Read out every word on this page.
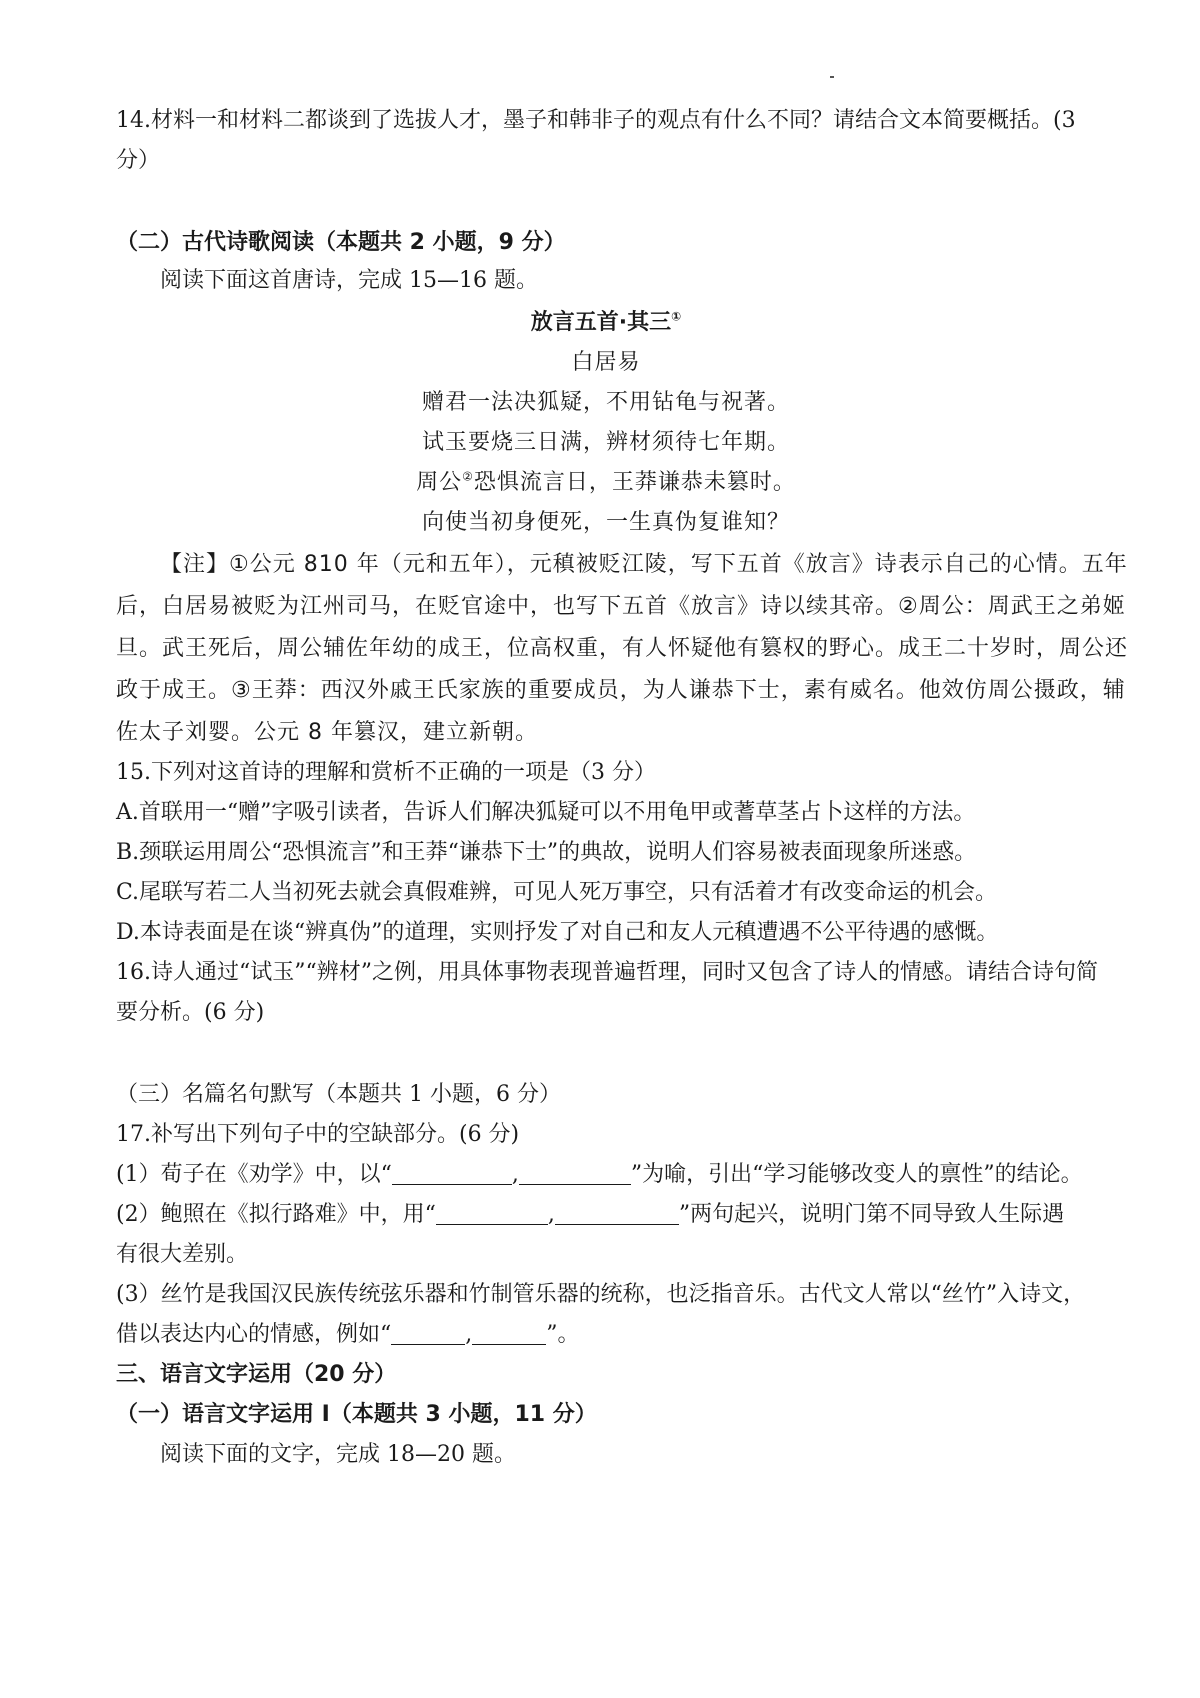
14.材料一和材料二都谈到了选拔人才，墨子和韩非子的观点有什么不同？请结合文本简要概括。(3
分）
（二）古代诗歌阅读（本题共 2 小题，9 分）
阅读下面这首唐诗，完成 15—16 题。
放言五首·其三①
白居易
赠君一法决狐疑，不用钻龟与祝著。
试玉要烧三日满，辨材须待七年期。
周公②恐惧流言日，王莽谦恭未篡时。
向使当初身便死，一生真伪复谁知？
【注】①公元 810 年（元和五年），元稹被贬江陵，写下五首《放言》诗表示自己的心情。五年
后，白居易被贬为江州司马，在贬官途中，也写下五首《放言》诗以续其帝。②周公：周武王之弟姬
旦。武王死后，周公辅佐年幼的成王，位高权重，有人怀疑他有篡权的野心。成王二十岁时，周公还
政于成王。③王莽：西汉外戚王氏家族的重要成员，为人谦恭下士，素有威名。他效仿周公摄政，辅
佐太子刘婴。公元 8 年篡汉，建立新朝。
15.下列对这首诗的理解和赏析不正确的一项是（3 分）
A.首联用一“赠”字吸引读者，告诉人们解决狐疑可以不用龟甲或蓍草茎占卜这样的方法。
B.颈联运用周公“恐惧流言”和王莽“谦恭下士”的典故，说明人们容易被表面现象所迷惑。
C.尾联写若二人当初死去就会真假难辨，可见人死万事空，只有活着才有改变命运的机会。
D.本诗表面是在谈“辨真伪”的道理，实则抒发了对自己和友人元稹遭遇不公平待遇的感慨。
16.诗人通过“试玉”“辨材”之例，用具体事物表现普遍哲理，同时又包含了诗人的情感。请结合诗句简
要分析。(6 分)
（三）名篇名句默写（本题共 1 小题，6 分）
17.补写出下列句子中的空缺部分。(6 分)
(1）荀子在《劝学》中，以“	,	”为喻，引出“学习能够改变人的禀性”的结论。
(2）鲍照在《拟行路难》中，用“	,	”两句起兴，说明门第不同导致人生际遇
有很大差别。
(3）丝竹是我国汉民族传统弦乐器和竹制管乐器的统称，也泛指音乐。古代文人常以“丝竹”入诗文，
借以表达内心的情感，例如“	,	”。
三、语言文字运用（20 分）
（一）语言文字运用 I（本题共 3 小题，11 分）
阅读下面的文字，完成 18—20 题。
